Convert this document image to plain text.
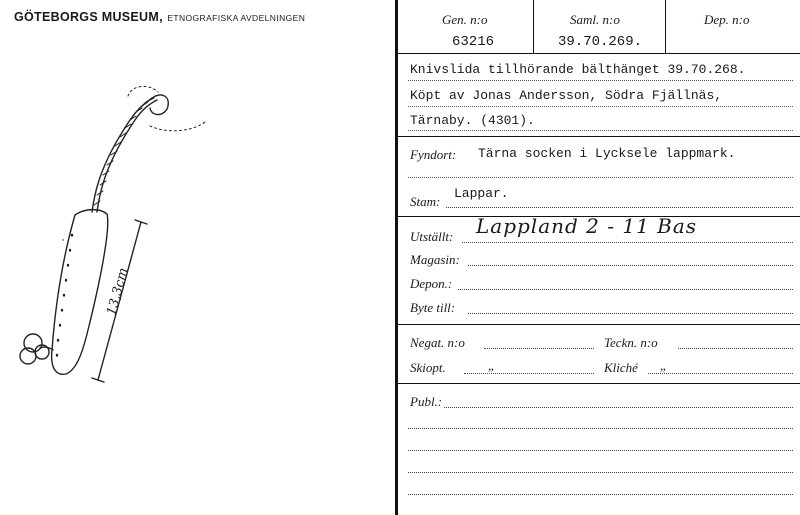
GÖTEBORGS MUSEUM, ETNOGRAFISKA AVDELNINGEN
13,3cm
Gen. n:o
63216
Saml. n:o
39.70.269.
Dep. n:o
Knivslida tillhörande bälthänget 39.70.268.
Köpt av Jonas Andersson, Södra Fjällnäs,
Tärnaby. (4301).
Fyndort: Tärna socken i Lycksele lappmark.
Stam:
Lappar.
Utställt: Lappland 2 - 11 Bas
Magasin:
Depon.:
Byte till:
Negat. n:o	Teckn. n:o
Skiopt.	„	Kliché „
Publ.:
